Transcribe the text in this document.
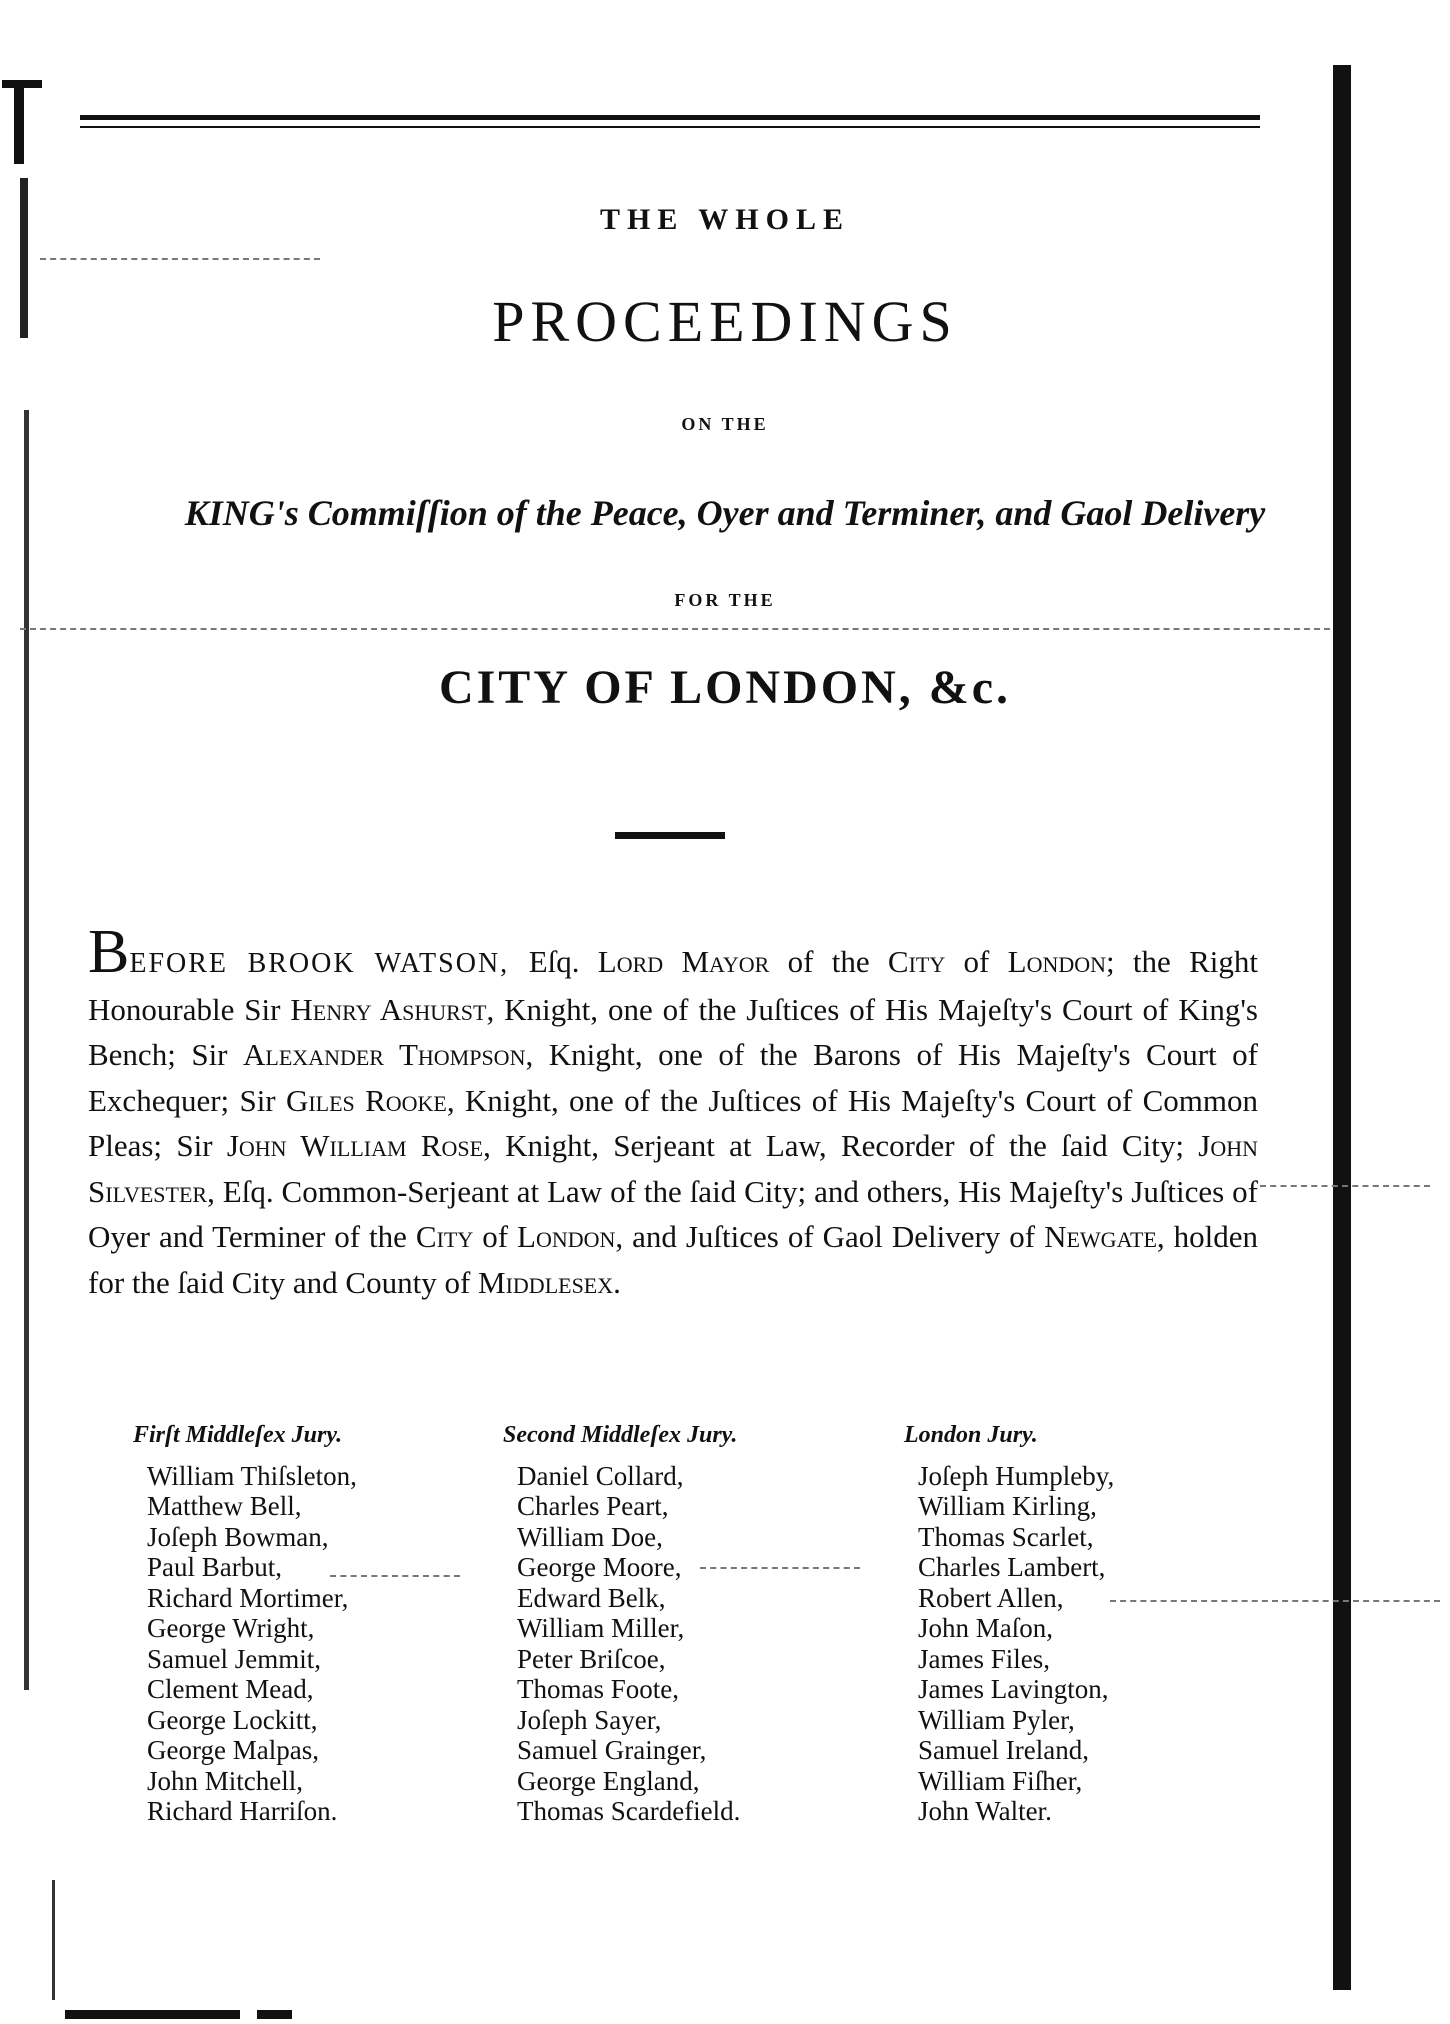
THE WHOLE
PROCEEDINGS
ON THE
KING's Commiſſion of the Peace, Oyer and Terminer, and Gaol Delivery
FOR THE
CITY OF LONDON, &c.
BEFORE BROOK WATSON, Eſq. Lord Mayor of the City of London; the Right Honourable Sir Henry Ashurst, Knight, one of the Juſtices of His Majeſty's Court of King's Bench; Sir Alexander Thompson, Knight, one of the Barons of His Majeſty's Court of Exchequer; Sir Giles Rooke, Knight, one of the Juſtices of His Majeſty's Court of Common Pleas; Sir John William Rose, Knight, Serjeant at Law, Recorder of the ſaid City; John Silvester, Eſq. Common-Serjeant at Law of the ſaid City; and others, His Majeſty's Juſtices of Oyer and Terminer of the City of London, and Juſtices of Gaol Delivery of Newgate, holden for the ſaid City and County of Middlesex.
Firſt Middleſex Jury.
William Thiſsleton,
Matthew Bell,
Joſeph Bowman,
Paul Barbut,
Richard Mortimer,
George Wright,
Samuel Jemmit,
Clement Mead,
George Lockitt,
George Malpas,
John Mitchell,
Richard Harriſon.
Second Middleſex Jury.
Daniel Collard,
Charles Peart,
William Doe,
George Moore,
Edward Belk,
William Miller,
Peter Briſcoe,
Thomas Foote,
Joſeph Sayer,
Samuel Grainger,
George England,
Thomas Scardefield.
London Jury.
Joſeph Humpleby,
William Kirling,
Thomas Scarlet,
Charles Lambert,
Robert Allen,
John Maſon,
James Files,
James Lavington,
William Pyler,
Samuel Ireland,
William Fiſher,
John Walter.
